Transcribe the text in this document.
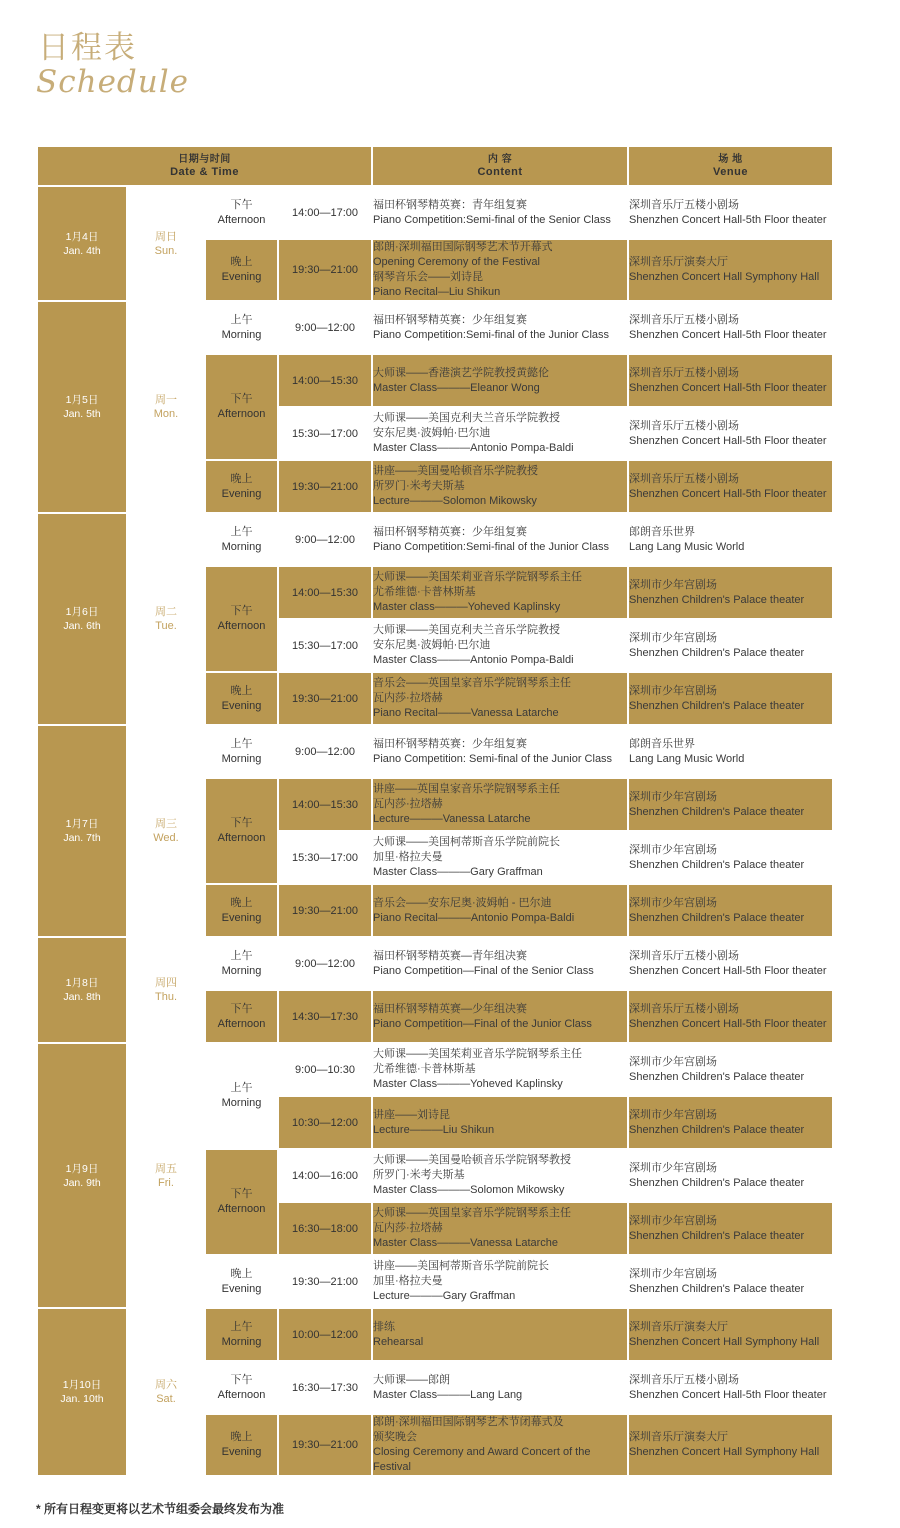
日程表
Schedule
日期与时间
Date & Time				内 容
Content	场 地
Venue

1月4日
Jan. 4th	周日
Sun.	下午
Afternoon	14:00—17:00	福田杯钢琴精英赛：青年组复赛
Piano Competition:Semi-final of the Senior Class	深圳音乐厅五楼小剧场
Shenzhen Concert Hall-5th Floor theater

		晚上
Evening	19:30—21:00	郎朗·深圳福田国际钢琴艺术节开幕式
Opening Ceremony of the Festival
钢琴音乐会——刘诗昆
Piano Recital—Liu Shikun	深圳音乐厅演奏大厅
Shenzhen Concert Hall Symphony Hall

1月5日
Jan. 5th	周一
Mon.	上午
Morning	9:00—12:00	福田杯钢琴精英赛：少年组复赛
Piano Competition:Semi-final of the Junior Class	深圳音乐厅五楼小剧场
Shenzhen Concert Hall-5th Floor theater

		下午
Afternoon	14:00—15:30	大师课——香港演艺学院教授黄懿伦
Master Class———Eleanor Wong	深圳音乐厅五楼小剧场
Shenzhen Concert Hall-5th Floor theater

			15:30—17:00	大师课——美国克利夫兰音乐学院教授
安东尼奥·波姆帕·巴尔迪
Master Class———Antonio Pompa-Baldi	深圳音乐厅五楼小剧场
Shenzhen Concert Hall-5th Floor theater

		晚上
Evening	19:30—21:00	讲座——美国曼哈顿音乐学院教授
所罗门·米考夫斯基
Lecture———Solomon Mikowsky	深圳音乐厅五楼小剧场
Shenzhen Concert Hall-5th Floor theater

1月6日
Jan. 6th	周二
Tue.	上午
Morning	9:00—12:00	福田杯钢琴精英赛：少年组复赛
Piano Competition:Semi-final of the Junior Class	郎朗音乐世界
Lang Lang Music World

		下午
Afternoon	14:00—15:30	大师课——美国茱莉亚音乐学院钢琴系主任
尤希维德·卡普林斯基
Master class———Yoheved Kaplinsky	深圳市少年宫剧场
Shenzhen Children's Palace theater

			15:30—17:00	大师课——美国克利夫兰音乐学院教授
安东尼奥·波姆帕·巴尔迪
Master Class———Antonio Pompa-Baldi	深圳市少年宫剧场
Shenzhen Children's Palace theater

		晚上
Evening	19:30—21:00	音乐会——英国皇家音乐学院钢琴系主任
瓦内莎·拉塔赫
Piano Recital———Vanessa Latarche	深圳市少年宫剧场
Shenzhen Children's Palace theater

1月7日
Jan. 7th	周三
Wed.	上午
Morning	9:00—12:00	福田杯钢琴精英赛：少年组复赛
Piano Competition: Semi-final of the Junior Class	郎朗音乐世界
Lang Lang Music World

		下午
Afternoon	14:00—15:30	讲座——英国皇家音乐学院钢琴系主任
瓦内莎·拉塔赫
Lecture———Vanessa Latarche	深圳市少年宫剧场
Shenzhen Children's Palace theater

			15:30—17:00	大师课——美国柯蒂斯音乐学院前院长
加里·格拉夫曼
Master Class———Gary Graffman	深圳市少年宫剧场
Shenzhen Children's Palace theater

		晚上
Evening	19:30—21:00	音乐会——安东尼奥·波姆帕 - 巴尔迪
Piano Recital———Antonio Pompa-Baldi	深圳市少年宫剧场
Shenzhen Children's Palace theater

1月8日
Jan. 8th	周四
Thu.	上午
Morning	9:00—12:00	福田杯钢琴精英赛—青年组决赛
Piano Competition—Final of the Senior Class	深圳音乐厅五楼小剧场
Shenzhen Concert Hall-5th Floor theater

		下午
Afternoon	14:30—17:30	福田杯钢琴精英赛—少年组决赛
Piano Competition—Final of the Junior Class	深圳音乐厅五楼小剧场
Shenzhen Concert Hall-5th Floor theater

1月9日
Jan. 9th	周五
Fri.	上午
Morning	9:00—10:30	大师课——美国茱莉亚音乐学院钢琴系主任
尤希维德·卡普林斯基
Master Class———Yoheved Kaplinsky	深圳市少年宫剧场
Shenzhen Children's Palace theater

			10:30—12:00	讲座——刘诗昆
Lecture———Liu Shikun	深圳市少年宫剧场
Shenzhen Children's Palace theater

		下午
Afternoon	14:00—16:00	大师课——美国曼哈顿音乐学院钢琴教授
所罗门·米考夫斯基
Master Class———Solomon Mikowsky	深圳市少年宫剧场
Shenzhen Children's Palace theater

			16:30—18:00	大师课——英国皇家音乐学院钢琴系主任
瓦内莎·拉塔赫
Master Class———Vanessa Latarche	深圳市少年宫剧场
Shenzhen Children's Palace theater

		晚上
Evening	19:30—21:00	讲座——美国柯蒂斯音乐学院前院长
加里·格拉夫曼
Lecture———Gary Graffman	深圳市少年宫剧场
Shenzhen Children's Palace theater

1月10日
Jan. 10th	周六
Sat.	上午
Morning	10:00—12:00	排练
Rehearsal	深圳音乐厅演奏大厅
Shenzhen Concert Hall Symphony Hall

		下午
Afternoon	16:30—17:30	大师课——郎朗
Master Class———Lang Lang	深圳音乐厅五楼小剧场
Shenzhen Concert Hall-5th Floor theater

		晚上
Evening	19:30—21:00	郎朗·深圳福田国际钢琴艺术节闭幕式及
颁奖晚会
Closing Ceremony and Award Concert of the
Festival	深圳音乐厅演奏大厅
Shenzhen Concert Hall Symphony Hall
* 所有日程变更将以艺术节组委会最终发布为准
